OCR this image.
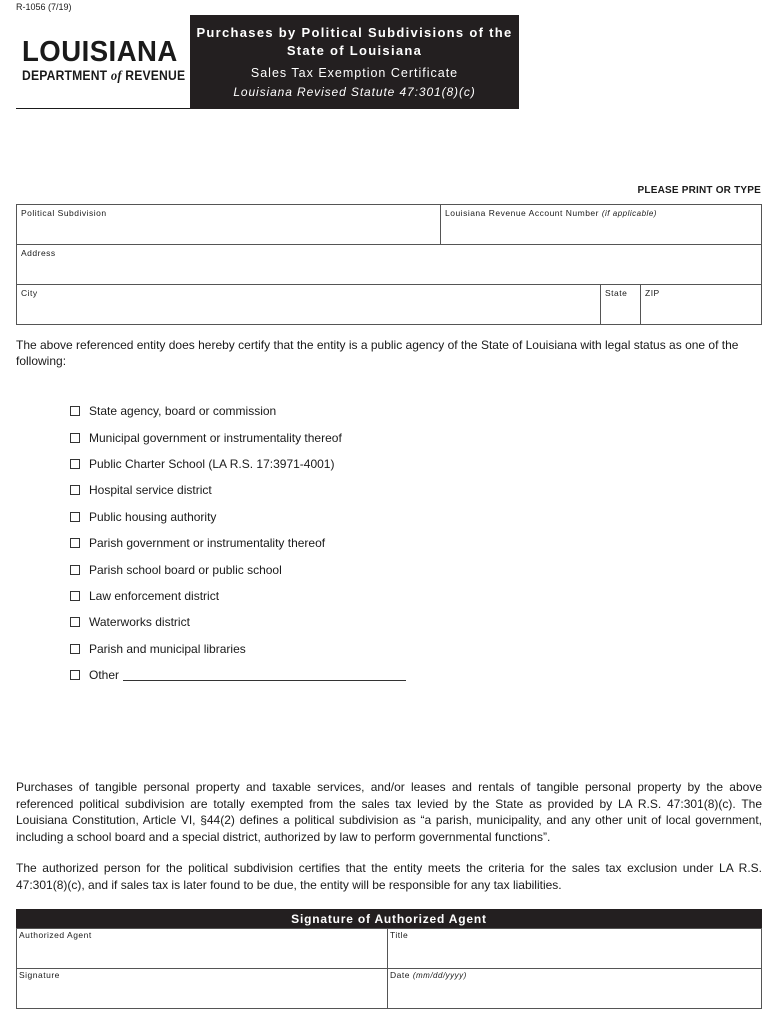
R-1056 (7/19)
LOUISIANA
DEPARTMENT of REVENUE
Purchases by Political Subdivisions of the State of Louisiana
Sales Tax Exemption Certificate
Louisiana Revised Statute 47:301(8)(c)
PLEASE PRINT OR TYPE
Political Subdivision	Louisiana Revenue Account Number (if applicable)
Address
City	State ZIP
The above referenced entity does hereby certify that the entity is a public agency of the State of Louisiana with legal status as one of the following:
State agency, board or commission
Municipal government or instrumentality thereof
Public Charter School (LA R.S. 17:3971-4001)
Hospital service district
Public housing authority
Parish government or instrumentality thereof
Parish school board or public school
Law enforcement district
Waterworks district
Parish and municipal libraries
Other
Purchases of tangible personal property and taxable services, and/or leases and rentals of tangible personal property by the above referenced political subdivision are totally exempted from the sales tax levied by the State as provided by LA R.S. 47:301(8)(c). The Louisiana Constitution, Article VI, §44(2) defines a political subdivision as “a parish, municipality, and any other unit of local government, including a school board and a special district, authorized by law to perform governmental functions”.
The authorized person for the political subdivision certifies that the entity meets the criteria for the sales tax exclusion under LA R.S. 47:301(8)(c), and if sales tax is later found to be due, the entity will be responsible for any tax liabilities.
Signature of Authorized Agent
Authorized Agent	Title
Signature	Date (mm/dd/yyyy)
